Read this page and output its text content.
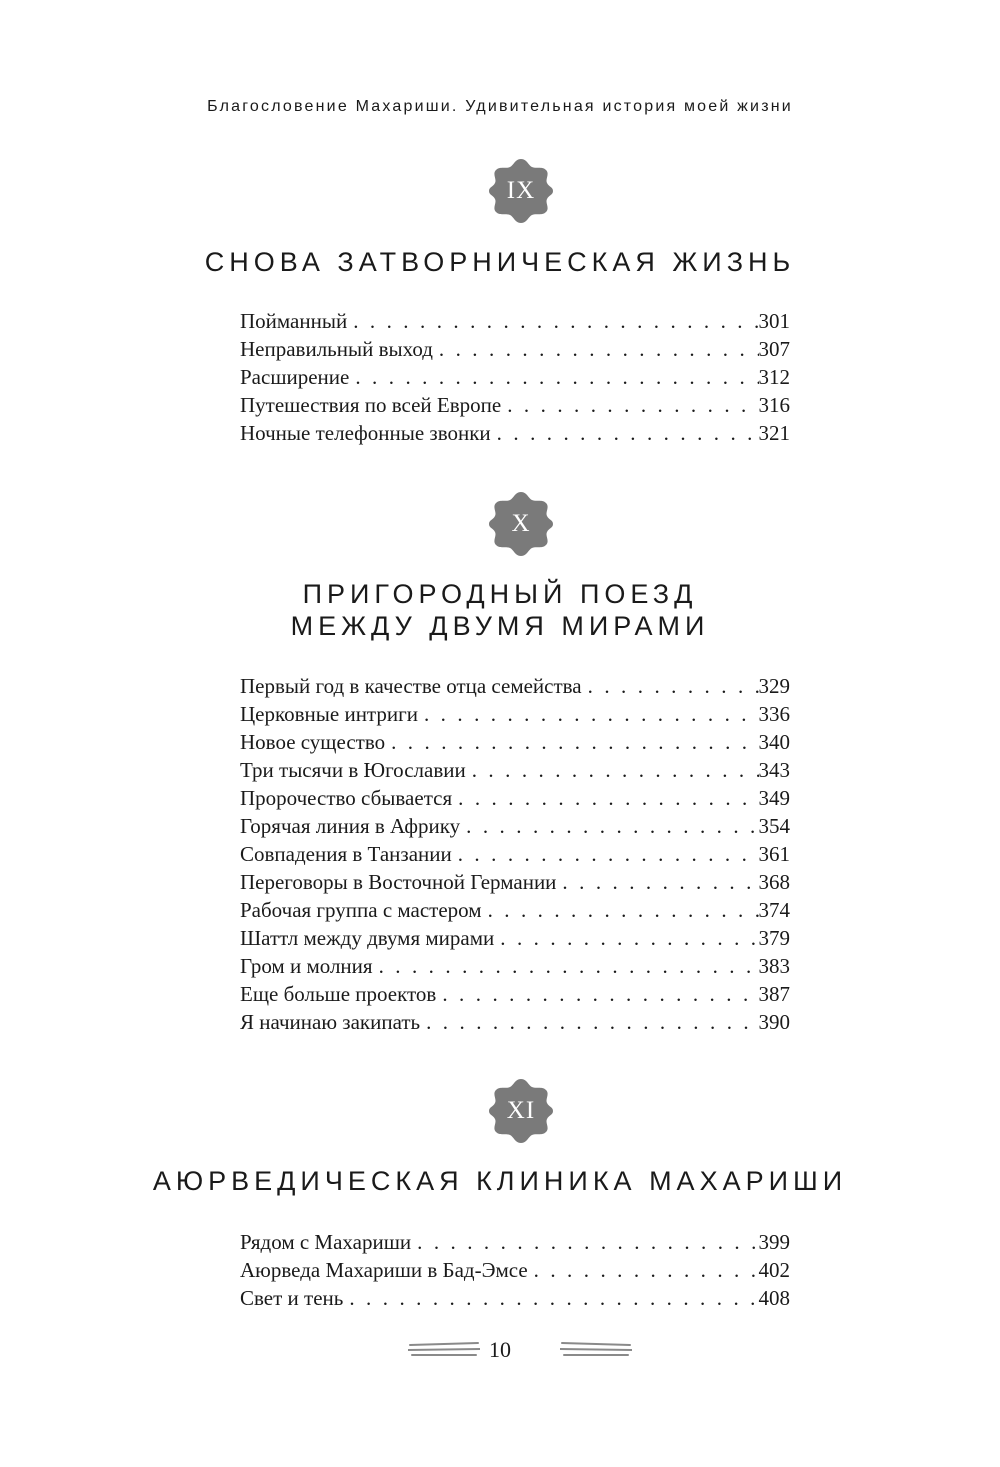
Благословение Махариши. Удивительная история моей жизни
IX
СНОВА ЗАТВОРНИЧЕСКАЯ ЖИЗНЬ
Пойманный . . .	301
Неправильный выход . . .	307
Расширение . . .	312
Путешествия по всей Европе . . .	316
Ночные телефонные звонки . . .	321
X
ПРИГОРОДНЫЙ ПОЕЗД
МЕЖДУ ДВУМЯ МИРАМИ
Первый год в качестве отца семейства . . .	329
Церковные интриги . . .	336
Новое существо . . .	340
Три тысячи в Югославии . . .	343
Пророчество сбывается . . .	349
Горячая линия в Африку . . .	354
Совпадения в Танзании . . .	361
Переговоры в Восточной Германии . . .	368
Рабочая группа с мастером . . .	374
Шаттл между двумя мирами . . .	379
Гром и молния . . .	383
Еще больше проектов . . .	387
Я начинаю закипать . . .	390
XI
АЮРВЕДИЧЕСКАЯ КЛИНИКА МАХАРИШИ
Рядом с Махариши . . .	399
Аюрведа Махариши в Бад-Эмсе . . .	402
Свет и тень . . .	408
10
